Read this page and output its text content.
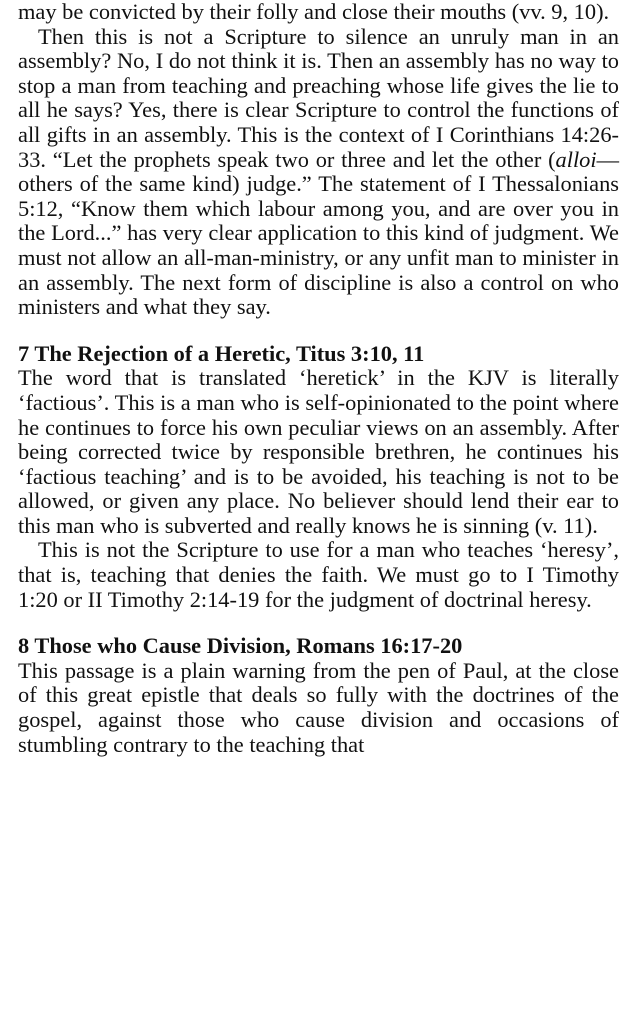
may be convicted by their folly and close their mouths (vv. 9, 10).

Then this is not a Scripture to silence an unruly man in an assembly? No, I do not think it is. Then an assembly has no way to stop a man from teaching and preaching whose life gives the lie to all he says? Yes, there is clear Scripture to control the functions of all gifts in an assembly. This is the context of I Corinthians 14:26-33. “Let the prophets speak two or three and let the other (alloi—others of the same kind) judge.” The statement of I Thessalonians 5:12, “Know them which labour among you, and are over you in the Lord...” has very clear application to this kind of judgment. We must not allow an all-man-ministry, or any unfit man to minister in an assembly. The next form of discipline is also a control on who ministers and what they say.

7 The Rejection of a Heretic, Titus 3:10, 11

The word that is translated ‘heretick’ in the KJV is literally ‘factious’. This is a man who is self-opinionated to the point where he continues to force his own peculiar views on an assembly. After being corrected twice by responsible brethren, he continues his ‘factious teaching’ and is to be avoided, his teaching is not to be allowed, or given any place. No believer should lend their ear to this man who is subverted and really knows he is sinning (v. 11).

This is not the Scripture to use for a man who teaches ‘heresy’, that is, teaching that denies the faith. We must go to I Timothy 1:20 or II Timothy 2:14-19 for the judgment of doctrinal heresy.

8 Those who Cause Division, Romans 16:17-20

This passage is a plain warning from the pen of Paul, at the close of this great epistle that deals so fully with the doctrines of the gospel, against those who cause division and occasions of stumbling contrary to the teaching that
